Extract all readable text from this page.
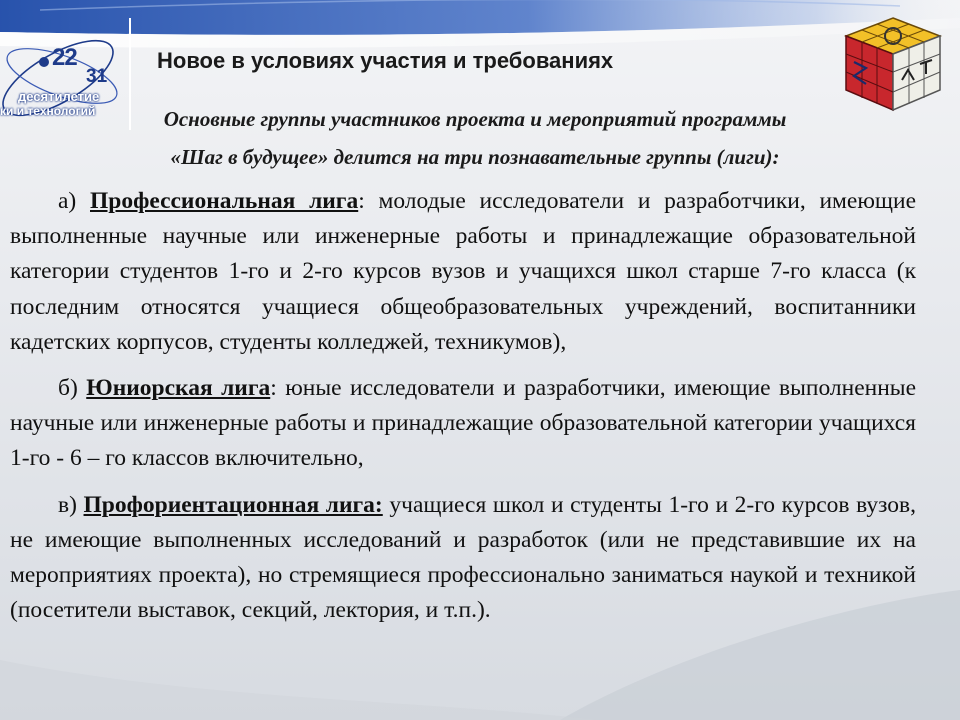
22
31
десятилетие
ки и технологий
Новое в условиях участия и требованиях
Основные группы участников проекта и мероприятий программы
«Шаг в будущее» делится на три познавательные группы (лиги):

а) Профессиональная лига: молодые исследователи и разработчики, имеющие выполненные научные или инженерные работы и принадлежащие образовательной категории студентов 1-го и 2-го курсов вузов и учащихся школ старше 7-го класса (к последним относятся учащиеся общеобразовательных учреждений, воспитанники кадетских корпусов, студенты колледжей, техникумов),

б) Юниорская лига: юные исследователи и разработчики, имеющие выполненные научные или инженерные работы и принадлежащие образовательной категории учащихся 1-го - 6 – го классов включительно,

в) Профориентационная лига: учащиеся школ и студенты 1-го и 2-го курсов вузов, не имеющие выполненных исследований и разработок (или не представившие их на мероприятиях проекта), но стремящиеся профессионально заниматься наукой и техникой (посетители выставок, секций, лектория, и т.п.).
